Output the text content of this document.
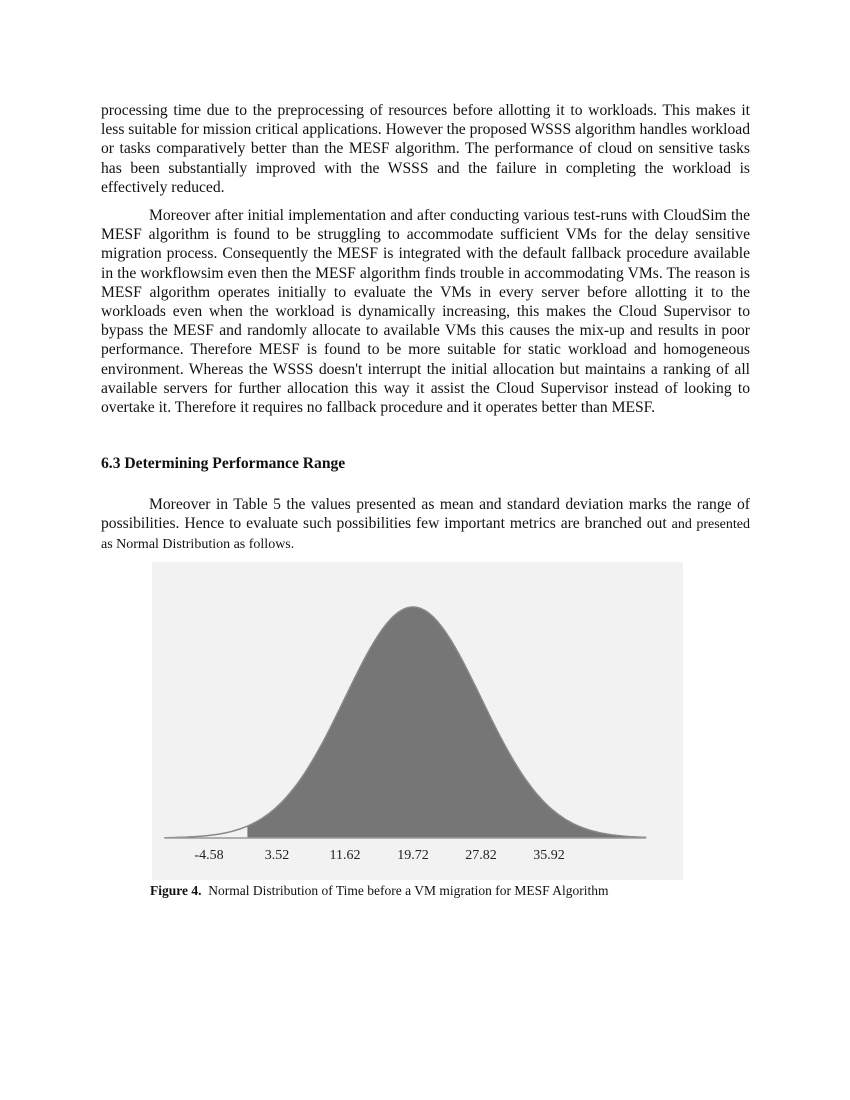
processing time due to the preprocessing of resources before allotting it to workloads. This makes it less suitable for mission critical applications. However the proposed WSSS algorithm handles workload or tasks comparatively better than the MESF algorithm. The performance of cloud on sensitive tasks has been substantially improved with the WSSS and the failure in completing the workload is effectively reduced.

Moreover after initial implementation and after conducting various test-runs with CloudSim the MESF algorithm is found to be struggling to accommodate sufficient VMs for the delay sensitive migration process. Consequently the MESF is integrated with the default fallback procedure available in the workflowsim even then the MESF algorithm finds trouble in accommodating VMs. The reason is MESF algorithm operates initially to evaluate the VMs in every server before allotting it to the workloads even when the workload is dynamically increasing, this makes the Cloud Supervisor to bypass the MESF and randomly allocate to available VMs this causes the mix-up and results in poor performance. Therefore MESF is found to be more suitable for static workload and homogeneous environment. Whereas the WSSS doesn't interrupt the initial allocation but maintains a ranking of all available servers for further allocation this way it assist the Cloud Supervisor instead of looking to overtake it. Therefore it requires no fallback procedure and it operates better than MESF.

6.3 Determining Performance Range

Moreover in Table 5 the values presented as mean and standard deviation marks the range of possibilities. Hence to evaluate such possibilities few important metrics are branched out and presented as Normal Distribution as follows.

-4.58	3.52	11.62	19.72	27.82	35.92

Figure 4. Normal Distribution of Time before a VM migration for MESF Algorithm
